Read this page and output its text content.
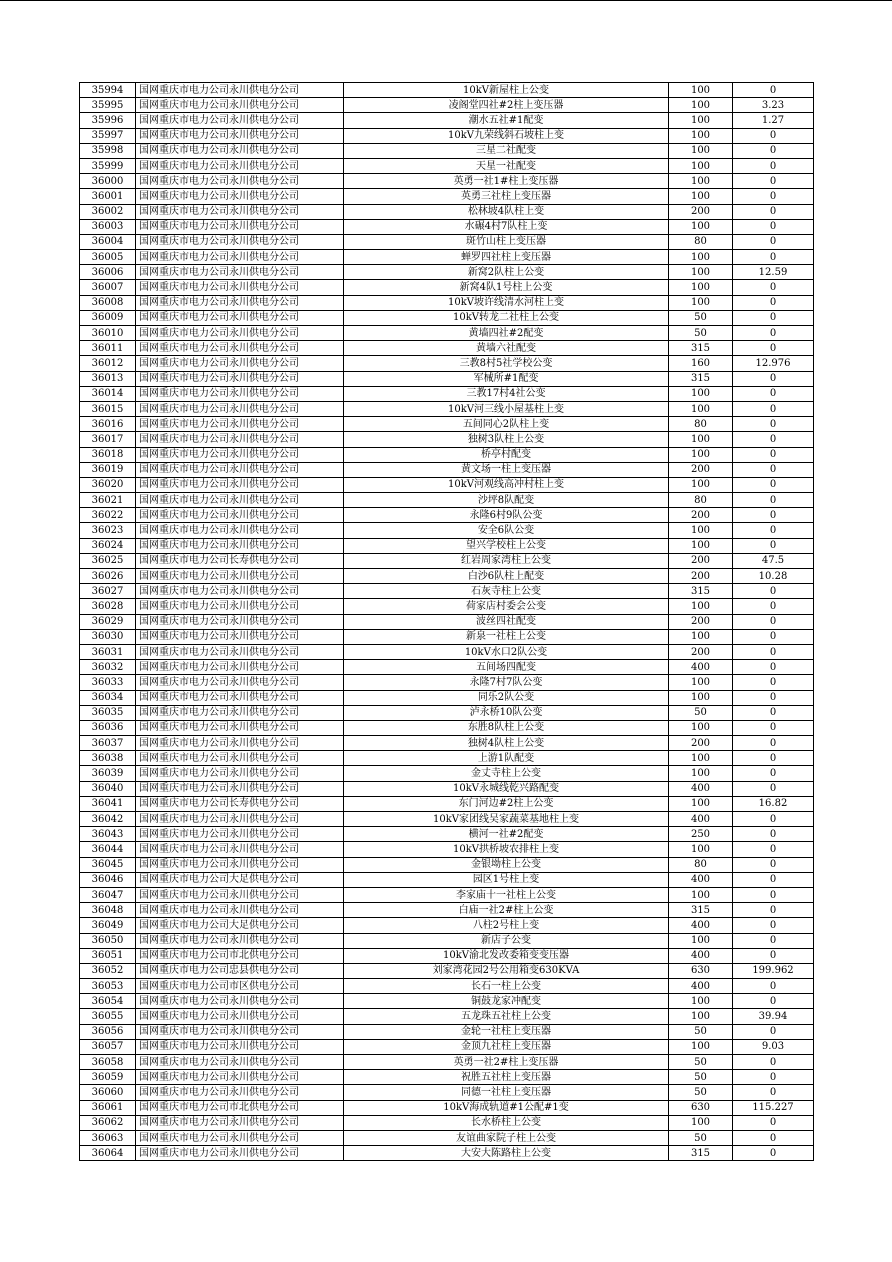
35994	国网重庆市电力公司永川供电分公司	10kV新屋柱上公变	100	0
35995	国网重庆市电力公司永川供电分公司	凌阁堂四社#2柱上变压器	100	3.23
35996	国网重庆市电力公司永川供电分公司	潮水五社#1配变	100	1.27
35997	国网重庆市电力公司永川供电分公司	10kV九荣线斜石坡柱上变	100	0
35998	国网重庆市电力公司永川供电分公司	三星二社配变	100	0
35999	国网重庆市电力公司永川供电分公司	天星一社配变	100	0
36000	国网重庆市电力公司永川供电分公司	英勇一社1#柱上变压器	100	0
36001	国网重庆市电力公司永川供电分公司	英勇三社柱上变压器	100	0
36002	国网重庆市电力公司永川供电分公司	松林坡4队柱上变	200	0
36003	国网重庆市电力公司永川供电分公司	水碾4村7队柱上变	100	0
36004	国网重庆市电力公司永川供电分公司	斑竹山柱上变压器	80	0
36005	国网重庆市电力公司永川供电分公司	蝉罗四社柱上变压器	100	0
36006	国网重庆市电力公司永川供电分公司	新窝2队柱上公变	100	12.59
36007	国网重庆市电力公司永川供电分公司	新窝4队1号柱上公变	100	0
36008	国网重庆市电力公司永川供电分公司	10kV坡许线清水河柱上变	100	0
36009	国网重庆市电力公司永川供电分公司	10kV转龙二社柱上公变	50	0
36010	国网重庆市电力公司永川供电分公司	黄墙四社#2配变	50	0
36011	国网重庆市电力公司永川供电分公司	黄墙六社配变	315	0
36012	国网重庆市电力公司永川供电分公司	三教8村5社学校公变	160	12.976
36013	国网重庆市电力公司永川供电分公司	军械所#1配变	315	0
36014	国网重庆市电力公司永川供电分公司	三教17村4社公变	100	0
36015	国网重庆市电力公司永川供电分公司	10kV河三线小屋基柱上变	100	0
36016	国网重庆市电力公司永川供电分公司	五间同心2队柱上变	80	0
36017	国网重庆市电力公司永川供电分公司	独树3队柱上公变	100	0
36018	国网重庆市电力公司永川供电分公司	桥亭村配变	100	0
36019	国网重庆市电力公司永川供电分公司	黄文场一柱上变压器	200	0
36020	国网重庆市电力公司永川供电分公司	10kV河观线高冲村柱上变	100	0
36021	国网重庆市电力公司永川供电分公司	沙坪8队配变	80	0
36022	国网重庆市电力公司永川供电分公司	永隆6村9队公变	200	0
36023	国网重庆市电力公司永川供电分公司	安全6队公变	100	0
36024	国网重庆市电力公司永川供电分公司	望兴学校柱上公变	100	0
36025	国网重庆市电力公司长寿供电分公司	红岩周家湾柱上公变	200	47.5
36026	国网重庆市电力公司永川供电分公司	白沙6队柱上配变	200	10.28
36027	国网重庆市电力公司永川供电分公司	石灰寺柱上公变	315	0
36028	国网重庆市电力公司永川供电分公司	荷家店村委会公变	100	0
36029	国网重庆市电力公司永川供电分公司	波丝四社配变	200	0
36030	国网重庆市电力公司永川供电分公司	新泉一社柱上公变	100	0
36031	国网重庆市电力公司永川供电分公司	10kV水口2队公变	200	0
36032	国网重庆市电力公司永川供电分公司	五间场四配变	400	0
36033	国网重庆市电力公司永川供电分公司	永隆7村7队公变	100	0
36034	国网重庆市电力公司永川供电分公司	同乐2队公变	100	0
36035	国网重庆市电力公司永川供电分公司	泸永桥10队公变	50	0
36036	国网重庆市电力公司永川供电分公司	东胜8队柱上公变	100	0
36037	国网重庆市电力公司永川供电分公司	独树4队柱上公变	200	0
36038	国网重庆市电力公司永川供电分公司	上游1队配变	100	0
36039	国网重庆市电力公司永川供电分公司	金丈寺柱上公变	100	0
36040	国网重庆市电力公司永川供电分公司	10kV永城线乾兴路配变	400	0
36041	国网重庆市电力公司长寿供电分公司	东门河边#2柱上公变	100	16.82
36042	国网重庆市电力公司永川供电分公司	10kV家团线吴家蔬菜基地柱上变	400	0
36043	国网重庆市电力公司永川供电分公司	横河一社#2配变	250	0
36044	国网重庆市电力公司永川供电分公司	10kV拱桥坡农排柱上变	100	0
36045	国网重庆市电力公司永川供电分公司	金银坳柱上公变	80	0
36046	国网重庆市电力公司大足供电分公司	园区1号柱上变	400	0
36047	国网重庆市电力公司永川供电分公司	李家庙十一社柱上公变	100	0
36048	国网重庆市电力公司永川供电分公司	白庙一社2#柱上公变	315	0
36049	国网重庆市电力公司大足供电分公司	八柱2号柱上变	400	0
36050	国网重庆市电力公司永川供电分公司	新店子公变	100	0
36051	国网重庆市电力公司市北供电分公司	10kV渝北发改委箱变变压器	400	0
36052	国网重庆市电力公司忠县供电分公司	刘家湾花园2号公用箱变630KVA	630	199.962
36053	国网重庆市电力公司市区供电分公司	长石一柱上公变	400	0
36054	国网重庆市电力公司永川供电分公司	铜鼓龙家冲配变	100	0
36055	国网重庆市电力公司永川供电分公司	五龙珠五社柱上公变	100	39.94
36056	国网重庆市电力公司永川供电分公司	金轮一社柱上变压器	50	0
36057	国网重庆市电力公司永川供电分公司	金顶九社柱上变压器	100	9.03
36058	国网重庆市电力公司永川供电分公司	英勇一社2#柱上变压器	50	0
36059	国网重庆市电力公司永川供电分公司	祝胜五社柱上变压器	50	0
36060	国网重庆市电力公司永川供电分公司	同德一社柱上变压器	50	0
36061	国网重庆市电力公司市北供电分公司	10kV海成轨道#1公配#1变	630	115.227
36062	国网重庆市电力公司永川供电分公司	长水桥柱上公变	100	0
36063	国网重庆市电力公司永川供电分公司	友谊曲家院子柱上公变	50	0
36064	国网重庆市电力公司永川供电分公司	大安大陈路柱上公变	315	0
